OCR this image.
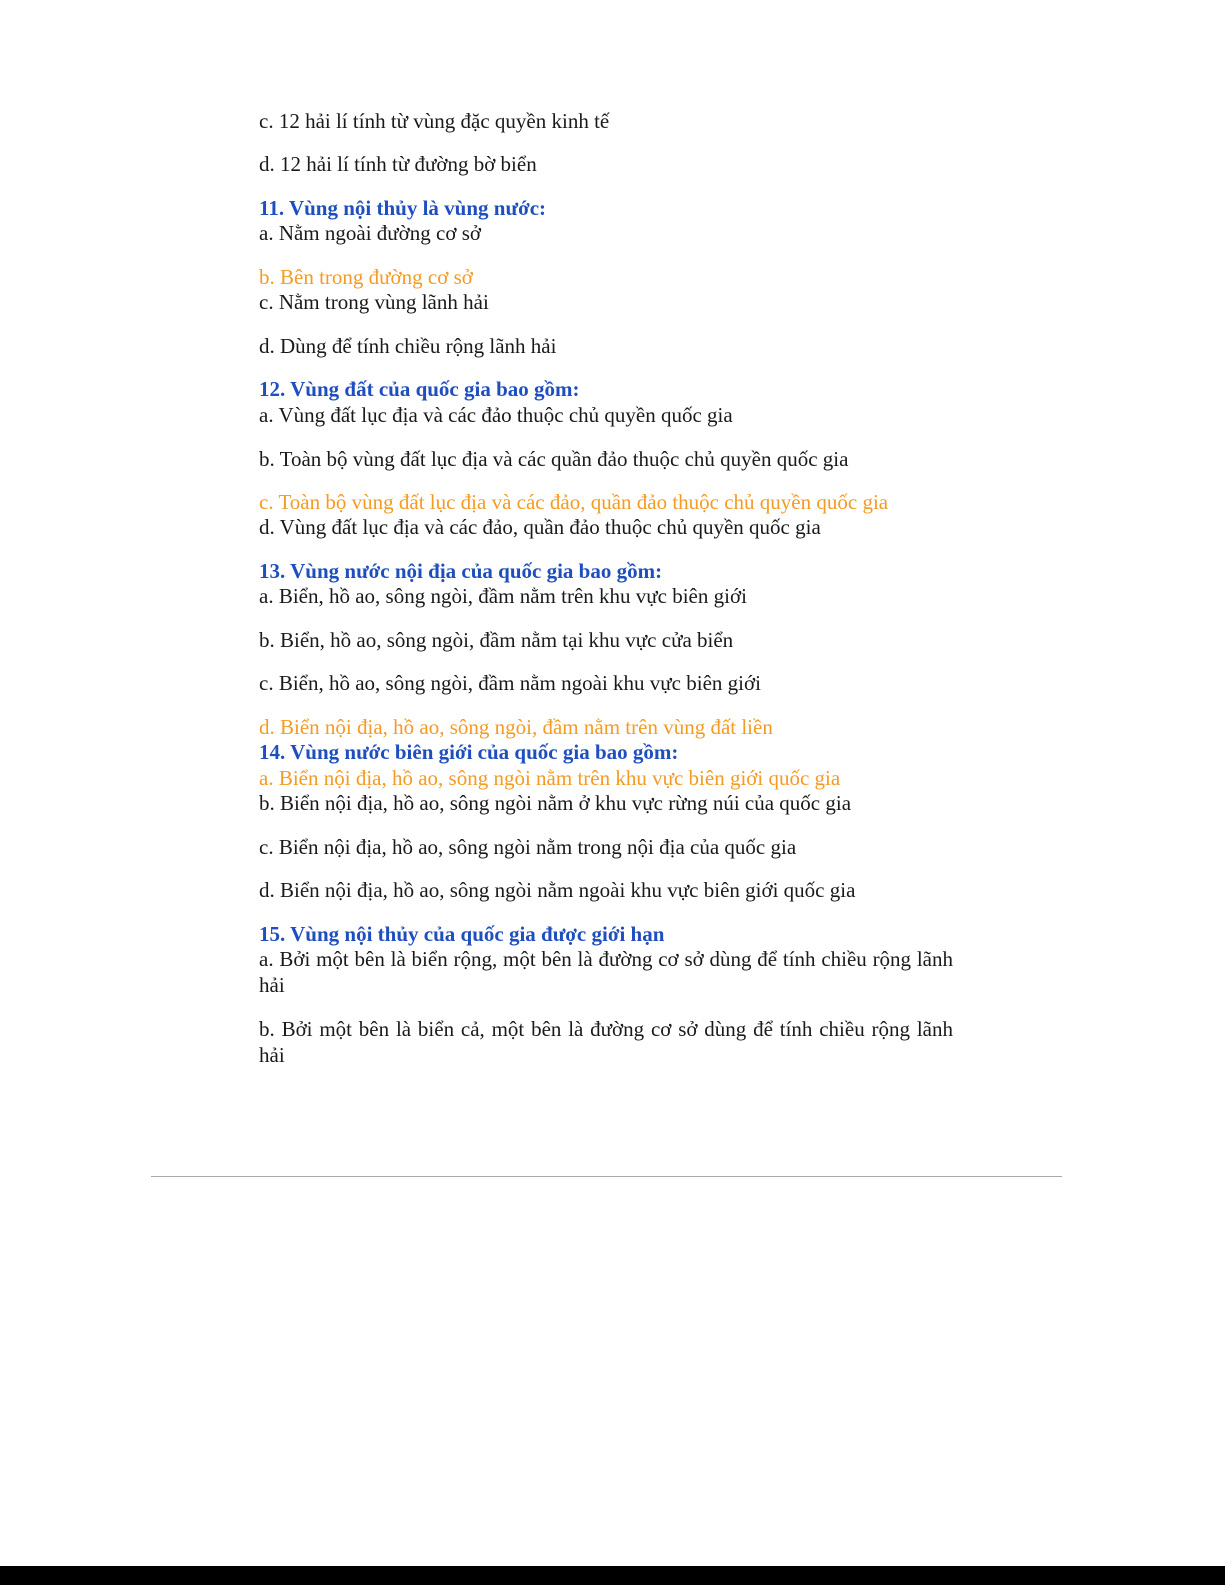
c. 12 hải lí tính từ vùng đặc quyền kinh tế
d. 12 hải lí tính từ đường bờ biển
11. Vùng nội thủy là vùng nước:
a. Nằm ngoài đường cơ sở
b. Bên trong đường cơ sở
c. Nằm trong vùng lãnh hải
d. Dùng để tính chiều rộng lãnh hải
12. Vùng đất của quốc gia bao gồm:
a. Vùng đất lục địa và các đảo thuộc chủ quyền quốc gia
b. Toàn bộ vùng đất lục địa và các quần đảo thuộc chủ quyền quốc gia
c. Toàn bộ vùng đất lục địa và các đảo, quần đảo thuộc chủ quyền quốc gia
d. Vùng đất lục địa và các đảo, quần đảo thuộc chủ quyền quốc gia
13. Vùng nước nội địa của quốc gia bao gồm:
a. Biển, hồ ao, sông ngòi, đầm nằm trên khu vực biên giới
b. Biển, hồ ao, sông ngòi, đầm nằm tại khu vực cửa biển
c. Biển, hồ ao, sông ngòi, đầm nằm ngoài khu vực biên giới
d. Biển nội địa, hồ ao, sông ngòi, đầm nằm trên vùng đất liền
14. Vùng nước biên giới của quốc gia bao gồm:
a. Biển nội địa, hồ ao, sông ngòi nằm trên khu vực biên giới quốc gia
b. Biển nội địa, hồ ao, sông ngòi nằm ở khu vực rừng núi của quốc gia
c. Biển nội địa, hồ ao, sông ngòi nằm trong nội địa của quốc gia
d. Biển nội địa, hồ ao, sông ngòi nằm ngoài khu vực biên giới quốc gia
15. Vùng nội thủy của quốc gia được giới hạn
a. Bởi một bên là biển rộng, một bên là đường cơ sở dùng để tính chiều rộng lãnh hải
b. Bởi một bên là biển cả, một bên là đường cơ sở dùng để tính chiều rộng lãnh hải
